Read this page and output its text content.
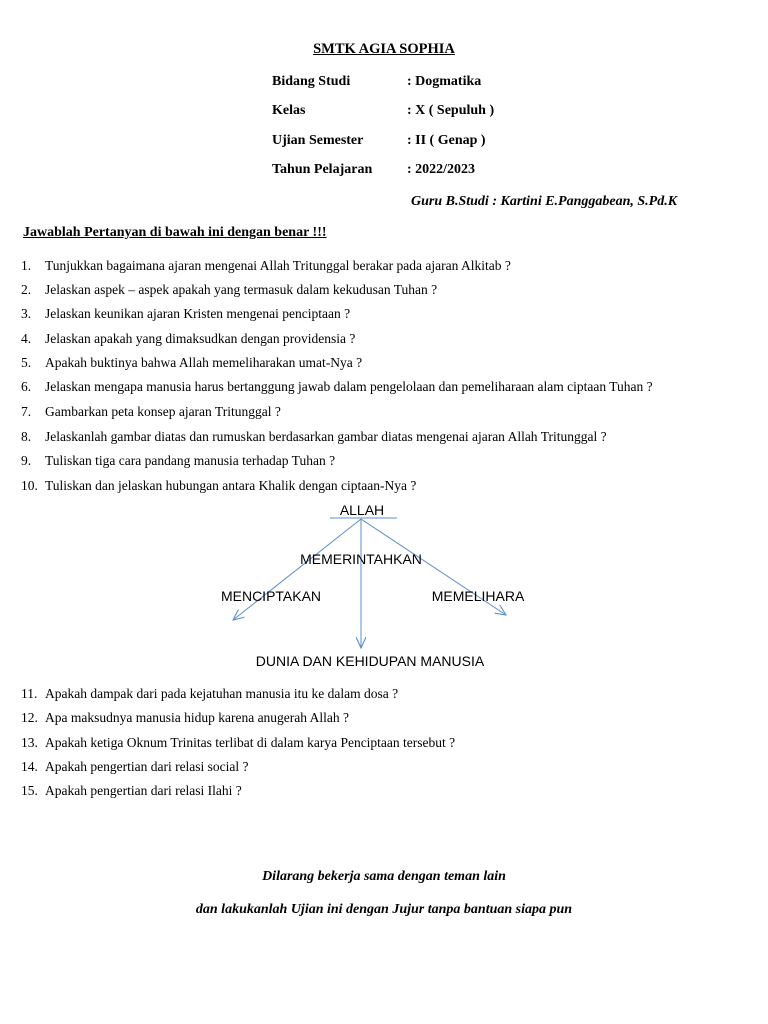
SMTK AGIA SOPHIA
Bidang Studi	: Dogmatika
Kelas	: X ( Sepuluh )
Ujian Semester	: II ( Genap )
Tahun Pelajaran : 2022/2023
Guru B.Studi : Kartini E.Panggabean, S.Pd.K
Jawablah Pertanyan di bawah ini dengan benar !!!
1. Tunjukkan bagaimana ajaran mengenai Allah Tritunggal berakar pada ajaran Alkitab ?
2. Jelaskan aspek – aspek apakah yang termasuk dalam kekudusan Tuhan ?
3. Jelaskan keunikan ajaran Kristen mengenai penciptaan ?
4. Jelaskan apakah yang dimaksudkan dengan providensia ?
5. Apakah buktinya bahwa Allah memeliharakan umat-Nya ?
6. Jelaskan mengapa manusia harus bertanggung jawab dalam pengelolaan dan pemeliharaan alam ciptaan Tuhan ?
7. Gambarkan peta konsep ajaran Tritunggal ?
8. Jelaskanlah gambar diatas dan rumuskan berdasarkan gambar diatas mengenai ajaran Allah Tritunggal ?
9. Tuliskan tiga cara pandang manusia terhadap Tuhan ?
10. Tuliskan dan jelaskan hubungan antara Khalik dengan ciptaan-Nya ?
ALLAH
MEMERINTAHKAN
MENCIPTAKAN	MEMELIHARA
DUNIA DAN KEHIDUPAN MANUSIA
11. Apakah dampak dari pada kejatuhan manusia itu ke dalam dosa ?
12. Apa maksudnya manusia hidup karena anugerah Allah ?
13. Apakah ketiga Oknum Trinitas terlibat di dalam karya Penciptaan tersebut ?
14. Apakah pengertian dari relasi social ?
15. Apakah pengertian dari relasi Ilahi ?
Dilarang bekerja sama dengan teman lain
dan lakukanlah Ujian ini dengan Jujur tanpa bantuan siapa pun
